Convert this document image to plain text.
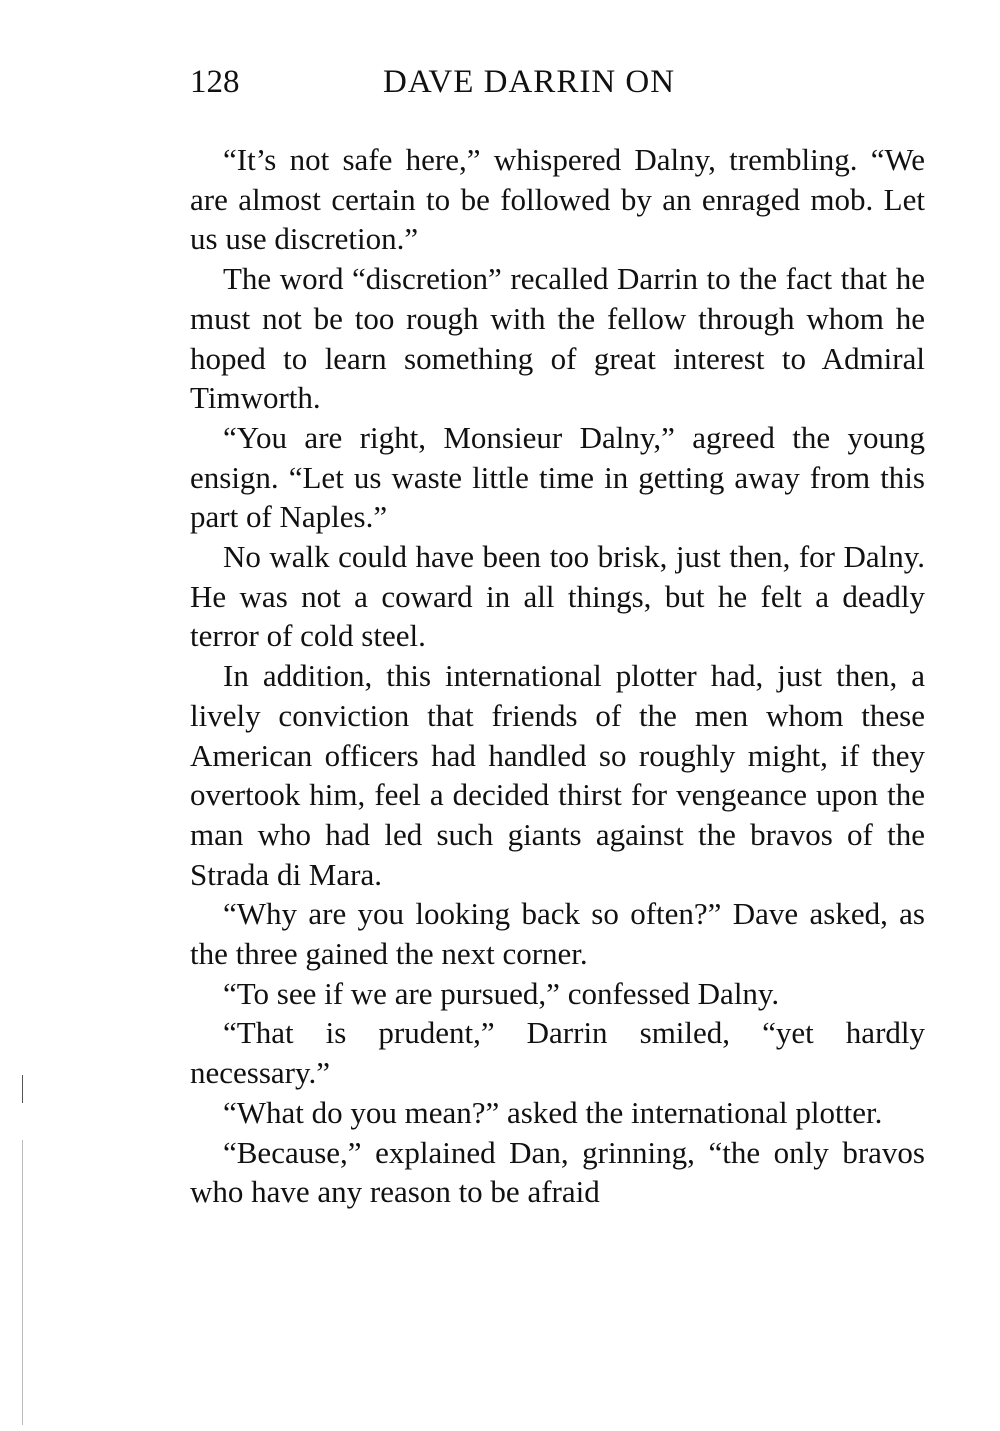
128	DAVE DARRIN ON

“It’s not safe here,” whispered Dalny, trembling. “We are almost certain to be followed by an enraged mob. Let us use discretion.”

The word “discretion” recalled Darrin to the fact that he must not be too rough with the fellow through whom he hoped to learn something of great interest to Admiral Timworth.

“You are right, Monsieur Dalny,” agreed the young ensign. “Let us waste little time in getting away from this part of Naples.”

No walk could have been too brisk, just then, for Dalny. He was not a coward in all things, but he felt a deadly terror of cold steel.

In addition, this international plotter had, just then, a lively conviction that friends of the men whom these American officers had handled so roughly might, if they overtook him, feel a decided thirst for vengeance upon the man who had led such giants against the bravos of the Strada di Mara.

“Why are you looking back so often?” Dave asked, as the three gained the next corner.

“To see if we are pursued,” confessed Dalny.

“That is prudent,” Darrin smiled, “yet hardly necessary.”

“What do you mean?” asked the international plotter.

“Because,” explained Dan, grinning, “the only bravos who have any reason to be afraid
